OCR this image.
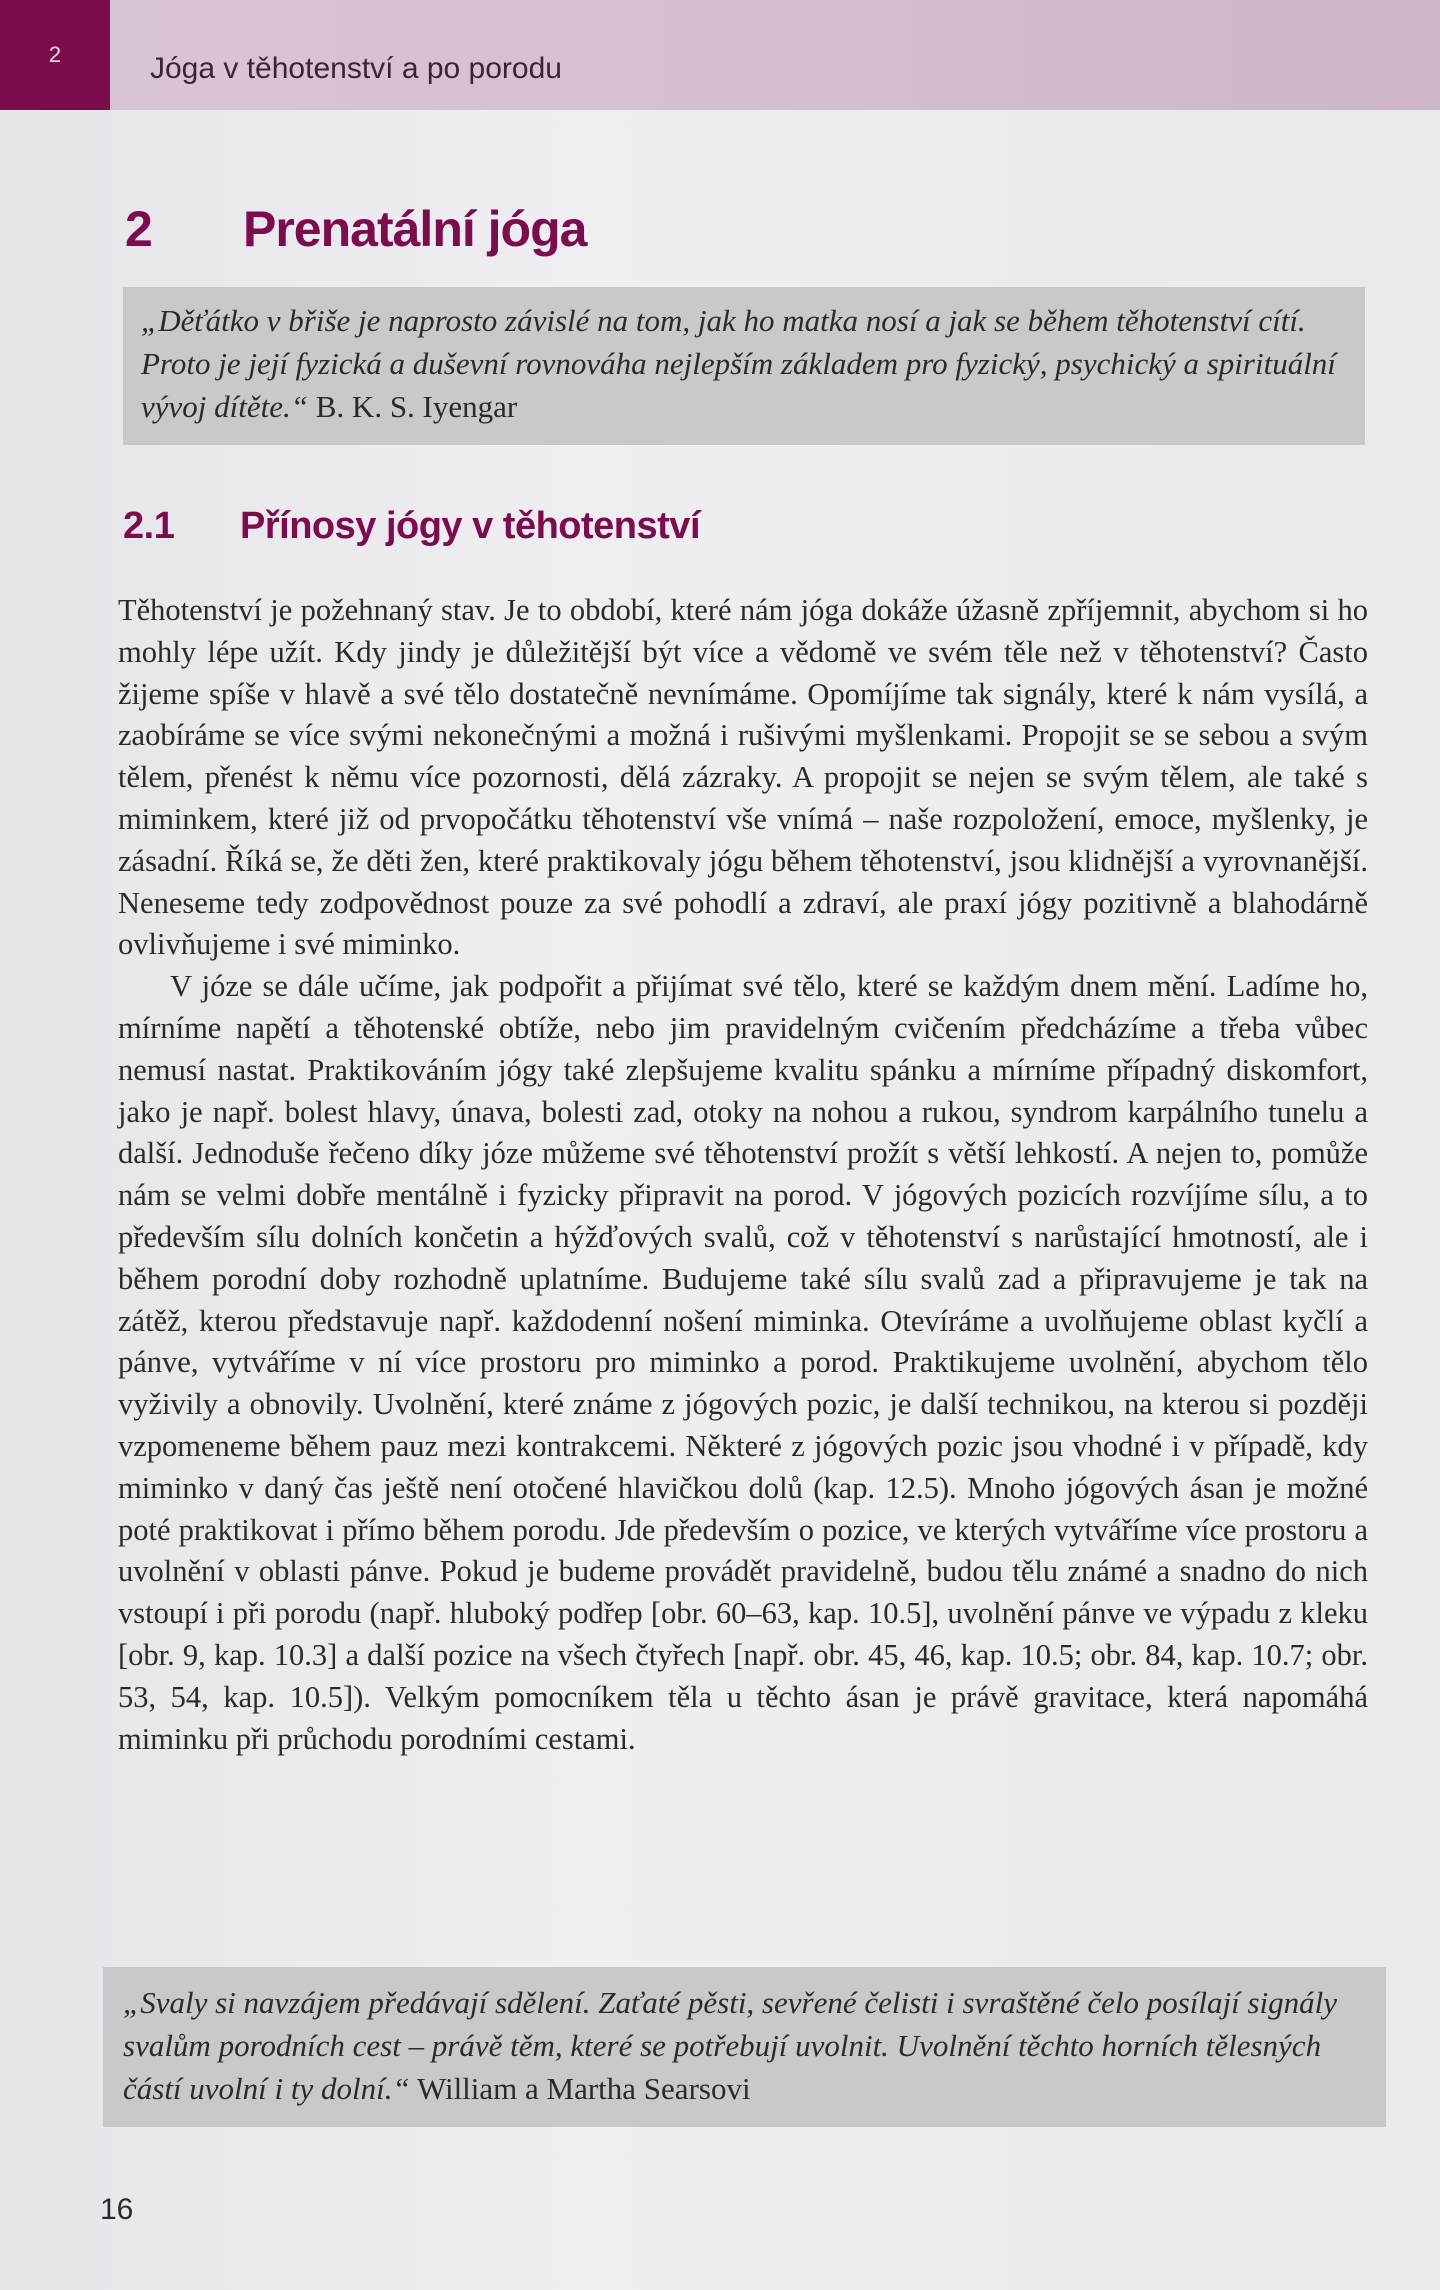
2	Jóga v těhotenství a po porodu
2 Prenatální jóga
„Děťátko v břiše je naprosto závislé na tom, jak ho matka nosí a jak se během těhotenství cítí. Proto je její fyzická a duševní rovnováha nejlepším základem pro fyzický, psychický a spirituální vývoj dítěte.“ B. K. S. Iyengar
2.1 Přínosy jógy v těhotenství

Těhotenství je požehnaný stav. Je to období, které nám jóga dokáže úžasně zpříjemnit, abychom si ho mohly lépe užít. Kdy jindy je důležitější být více a vědomě ve svém těle než v těhotenství? Často žijeme spíše v hlavě a své tělo dostatečně nevnímáme. Opomíjíme tak signály, které k nám vysílá, a zaobíráme se více svými nekonečnými a možná i rušivými myšlenkami. Propojit se se sebou a svým tělem, přenést k němu více pozornosti, dělá zázraky. A propojit se nejen se svým tělem, ale také s miminkem, které již od prvopočátku těhotenství vše vnímá – naše rozpoložení, emoce, myšlenky, je zásadní. Říká se, že děti žen, které praktikovaly jógu během těhotenství, jsou klidnější a vyrovnanější. Neneseme tedy zodpovědnost pouze za své pohodlí a zdraví, ale praxí jógy pozitivně a blahodárně ovlivňujeme i své miminko.

V józe se dále učíme, jak podpořit a přijímat své tělo, které se každým dnem mění. Ladíme ho, mírníme napětí a těhotenské obtíže, nebo jim pravidelným cvičením předcházíme a třeba vůbec nemusí nastat. Praktikováním jógy také zlepšujeme kvalitu spánku a mírníme případný diskomfort, jako je např. bolest hlavy, únava, bolesti zad, otoky na nohou a rukou, syndrom karpálního tunelu a další. Jednoduše řečeno díky józe můžeme své těhotenství prožít s větší lehkostí. A nejen to, pomůže nám se velmi dobře mentálně i fyzicky připravit na porod. V jógových pozicích rozvíjíme sílu, a to především sílu dolních končetin a hýžďových svalů, což v těhotenství s narůstající hmotností, ale i během porodní doby rozhodně uplatníme. Budujeme také sílu svalů zad a připravujeme je tak na zátěž, kterou představuje např. každodenní nošení miminka. Otevíráme a uvolňujeme oblast kyčlí a pánve, vytváříme v ní více prostoru pro miminko a porod. Praktikujeme uvolnění, abychom tělo vyživily a obnovily. Uvolnění, které známe z jógových pozic, je další technikou, na kterou si později vzpomeneme během pauz mezi kontrakcemi. Některé z jógových pozic jsou vhodné i v případě, kdy miminko v daný čas ještě není otočené hlavičkou dolů (kap. 12.5). Mnoho jógových ásan je možné poté praktikovat i přímo během porodu. Jde především o pozice, ve kterých vytváříme více prostoru a uvolnění v oblasti pánve. Pokud je budeme provádět pravidelně, budou tělu známé a snadno do nich vstoupí i při porodu (např. hluboký podřep [obr. 60–63, kap. 10.5], uvolnění pánve ve výpadu z kleku [obr. 9, kap. 10.3] a další pozice na všech čtyřech [např. obr. 45, 46, kap. 10.5; obr. 84, kap. 10.7; obr. 53, 54, kap. 10.5]). Velkým pomocníkem těla u těchto ásan je právě gravitace, která napomáhá miminku při průchodu porodními cestami.

„Svaly si navzájem předávají sdělení. Zaťaté pěsti, sevřené čelisti i svraštěné čelo posílají signály svalům porodních cest – právě těm, které se potřebují uvolnit. Uvolnění těchto horních tělesných částí uvolní i ty dolní.“ William a Martha Searsovi
16
